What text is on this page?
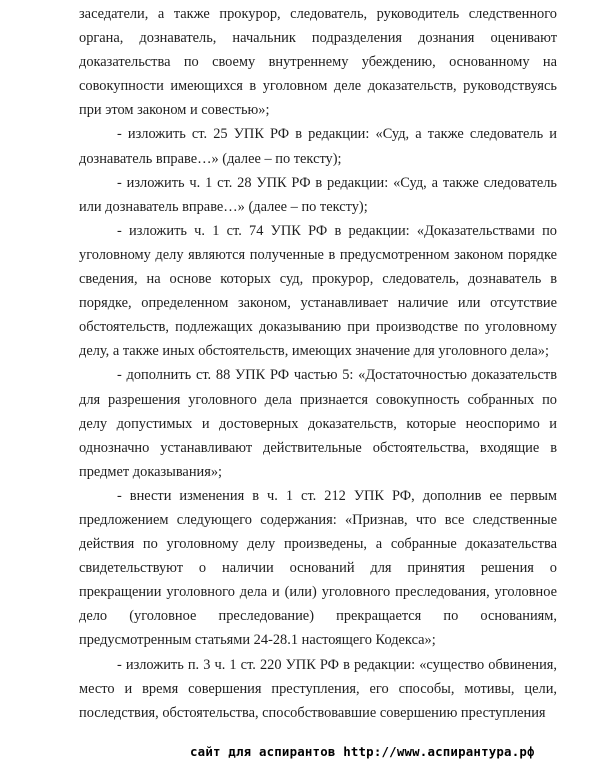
заседатели, а также прокурор, следователь, руководитель следственного органа, дознаватель, начальник подразделения дознания оценивают доказательства по своему внутреннему убеждению, основанному на совокупности имеющихся в уголовном деле доказательств, руководствуясь при этом законом и совестью»;

- изложить ст. 25 УПК РФ в редакции: «Суд, а также следователь и дознаватель вправе…» (далее – по тексту);

- изложить ч. 1 ст. 28 УПК РФ в редакции: «Суд, а также следователь или дознаватель вправе…» (далее – по тексту);

- изложить ч. 1 ст. 74 УПК РФ в редакции: «Доказательствами по уголовному делу являются полученные в предусмотренном законом порядке сведения, на основе которых суд, прокурор, следователь, дознаватель в порядке, определенном законом, устанавливает наличие или отсутствие обстоятельств, подлежащих доказыванию при производстве по уголовному делу, а также иных обстоятельств, имеющих значение для уголовного дела»;

- дополнить ст. 88 УПК РФ частью 5: «Достаточностью доказательств для разрешения уголовного дела признается совокупность собранных по делу допустимых и достоверных доказательств, которые неоспоримо и однозначно устанавливают действительные обстоятельства, входящие в предмет доказывания»;

- внести изменения в ч. 1 ст. 212 УПК РФ, дополнив ее первым предложением следующего содержания: «Признав, что все следственные действия по уголовному делу произведены, а собранные доказательства свидетельствуют о наличии оснований для принятия решения о прекращении уголовного дела и (или) уголовного преследования, уголовное дело (уголовное преследование) прекращается по основаниям, предусмотренным статьями 24-28.1 настоящего Кодекса»;

- изложить п. 3 ч. 1 ст. 220 УПК РФ в редакции: «существо обвинения, место и время совершения преступления, его способы, мотивы, цели, последствия, обстоятельства, способствовавшие совершению преступления

сайт для аспирантов http://www.аспирантура.рф
